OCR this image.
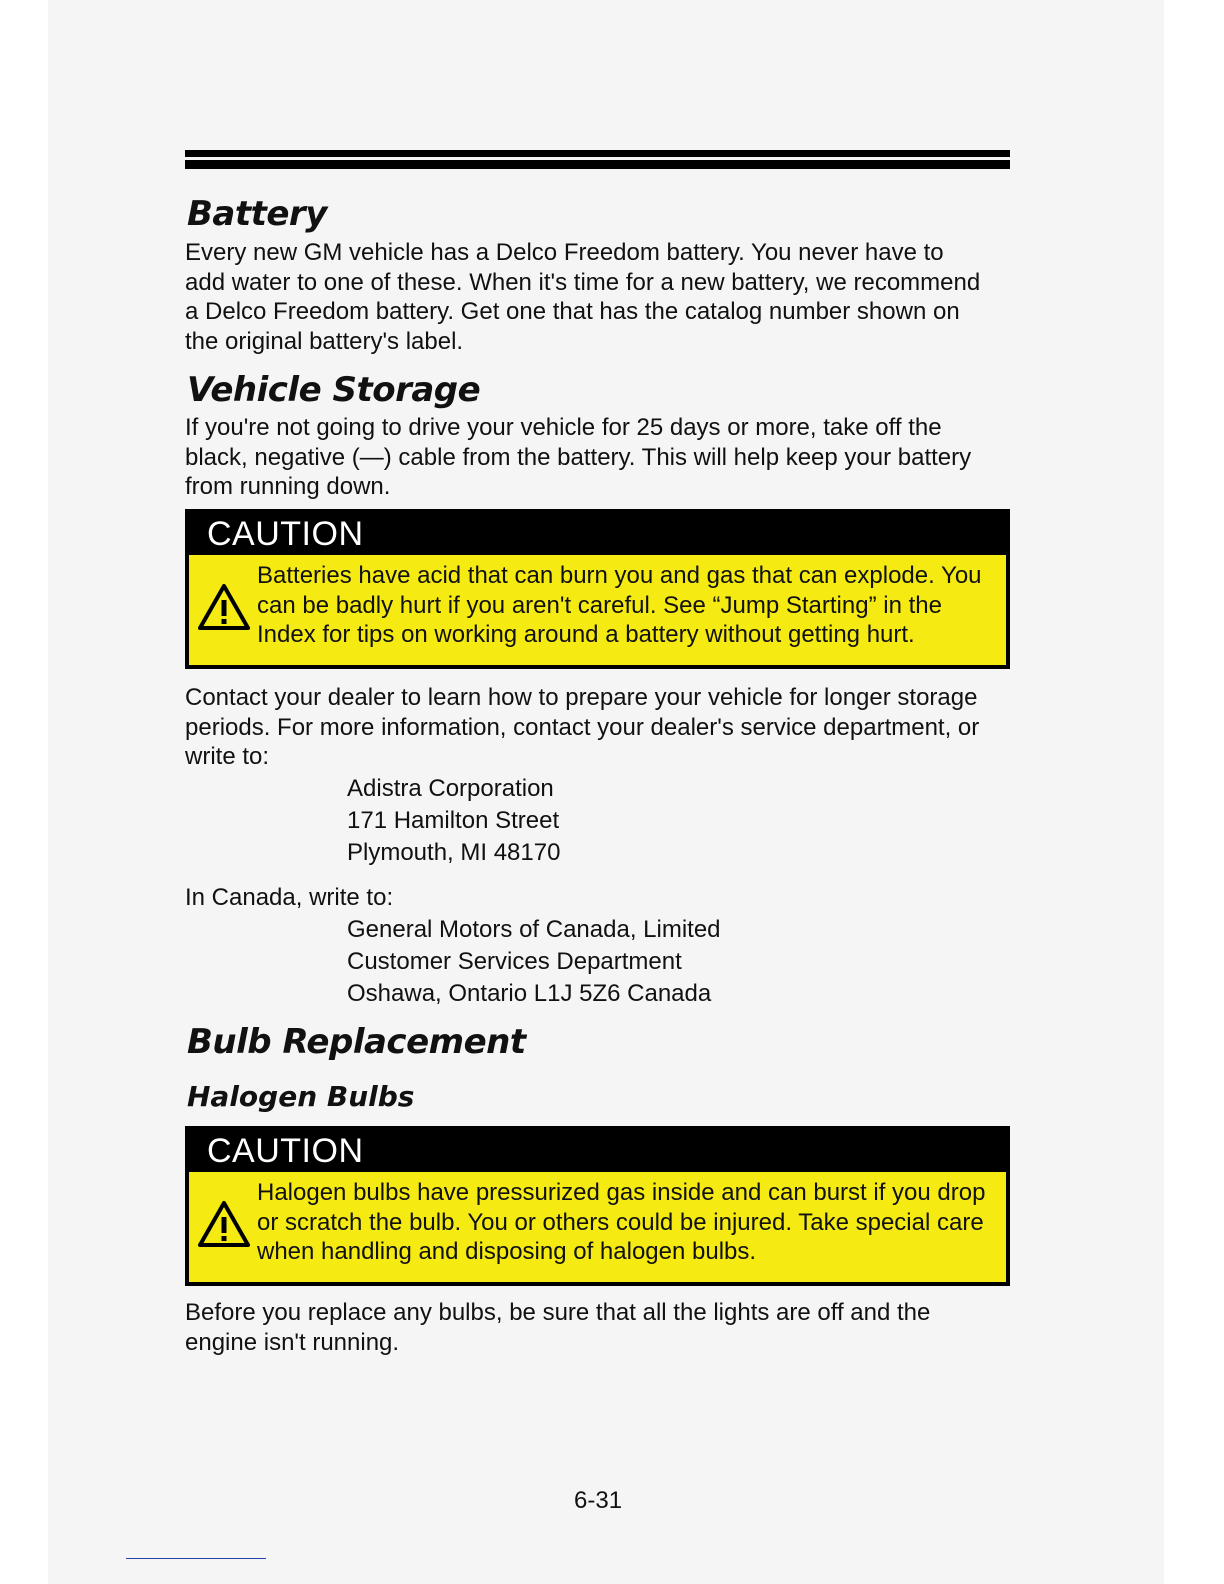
Battery

Every new GM vehicle has a Delco Freedom battery. You never have to add water to one of these. When it's time for a new battery, we recommend a Delco Freedom battery. Get one that has the catalog number shown on the original battery's label.

Vehicle Storage

If you're not going to drive your vehicle for 25 days or more, take off the black, negative (—) cable from the battery. This will help keep your battery from running down.

CAUTION

Batteries have acid that can burn you and gas that can explode. You can be badly hurt if you aren't careful. See “Jump Starting” in the Index for tips on working around a battery without getting hurt.

Contact your dealer to learn how to prepare your vehicle for longer storage periods. For more information, contact your dealer's service department, or write to:

Adistra Corporation
171 Hamilton Street
Plymouth, MI 48170

In Canada, write to:

General Motors of Canada, Limited
Customer Services Department
Oshawa, Ontario L1J 5Z6 Canada
Bulb Replacement
Halogen Bulbs
CAUTION

Halogen bulbs have pressurized gas inside and can burst if you drop or scratch the bulb. You or others could be injured. Take special care when handling and disposing of halogen bulbs.

Before you replace any bulbs, be sure that all the lights are off and the engine isn't running.

6-31
